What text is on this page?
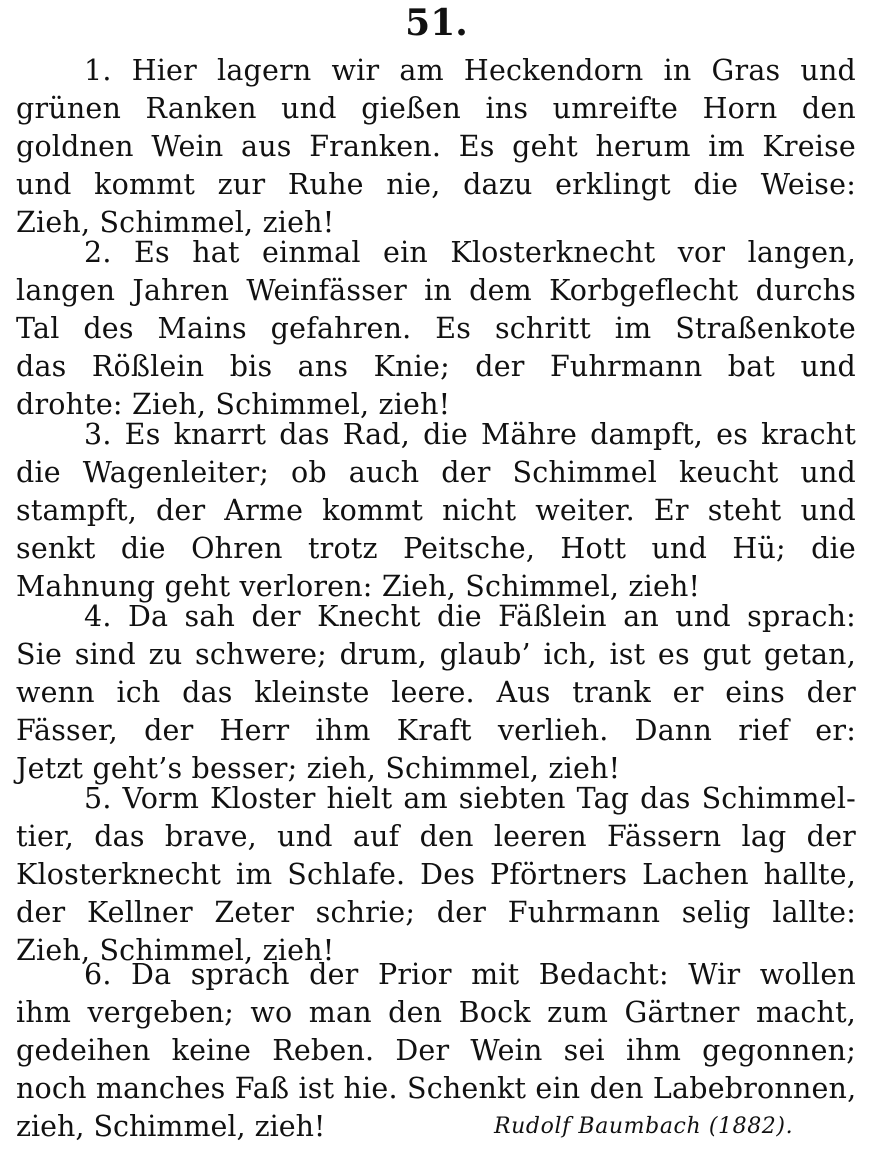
51.
1. Hier lagern wir am Heckendorn in Gras und
grünen Ranken und gießen ins umreifte Horn den
goldnen Wein aus Franken. Es geht herum im Kreise
und kommt zur Ruhe nie, dazu erklingt die Weise:
Zieh, Schimmel, zieh!
2. Es hat einmal ein Klosterknecht vor langen,
langen Jahren Weinfässer in dem Korbgeflecht durchs
Tal des Mains gefahren. Es schritt im Straßenkote
das Rößlein bis ans Knie; der Fuhrmann bat und
drohte: Zieh, Schimmel, zieh!
3. Es knarrt das Rad, die Mähre dampft, es kracht
die Wagenleiter; ob auch der Schimmel keucht und
stampft, der Arme kommt nicht weiter. Er steht und
senkt die Ohren trotz Peitsche, Hott und Hü; die
Mahnung geht verloren: Zieh, Schimmel, zieh!
4. Da sah der Knecht die Fäßlein an und sprach:
Sie sind zu schwere; drum, glaub’ ich, ist es gut getan,
wenn ich das kleinste leere. Aus trank er eins der
Fässer, der Herr ihm Kraft verlieh. Dann rief er:
Jetzt geht’s besser; zieh, Schimmel, zieh!
5. Vorm Kloster hielt am siebten Tag das Schimmel-
tier, das brave, und auf den leeren Fässern lag der
Klosterknecht im Schlafe. Des Pförtners Lachen hallte,
der Kellner Zeter schrie; der Fuhrmann selig lallte:
Zieh, Schimmel, zieh!
6. Da sprach der Prior mit Bedacht: Wir wollen
ihm vergeben; wo man den Bock zum Gärtner macht,
gedeihen keine Reben. Der Wein sei ihm gegonnen;
noch manches Faß ist hie. Schenkt ein den Labebronnen,
zieh, Schimmel, zieh!	Rudolf Baumbach (1882).
